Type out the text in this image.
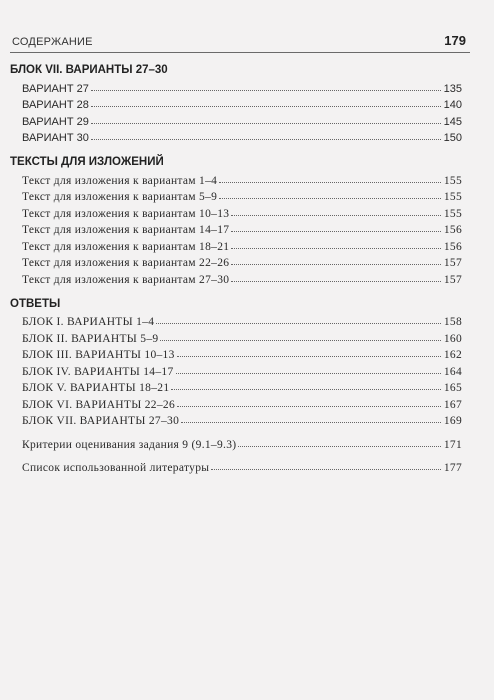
СОДЕРЖАНИЕ	179
БЛОК VII. ВАРИАНТЫ 27–30
ВАРИАНТ 27	135
ВАРИАНТ 28	140
ВАРИАНТ 29	145
ВАРИАНТ 30	150
ТЕКСТЫ ДЛЯ ИЗЛОЖЕНИЙ
Текст для изложения к вариантам 1–4	155
Текст для изложения к вариантам 5–9	155
Текст для изложения к вариантам 10–13	155
Текст для изложения к вариантам 14–17	156
Текст для изложения к вариантам 18–21	156
Текст для изложения к вариантам 22–26	157
Текст для изложения к вариантам 27–30	157
ОТВЕТЫ
БЛОК I. ВАРИАНТЫ 1–4	158
БЛОК II. ВАРИАНТЫ 5–9	160
БЛОК III. ВАРИАНТЫ 10–13	162
БЛОК IV. ВАРИАНТЫ 14–17	164
БЛОК V. ВАРИАНТЫ 18–21	165
БЛОК VI. ВАРИАНТЫ 22–26	167
БЛОК VII. ВАРИАНТЫ 27–30	169
Критерии оценивания задания 9 (9.1–9.3)	171
Список использованной литературы	177
